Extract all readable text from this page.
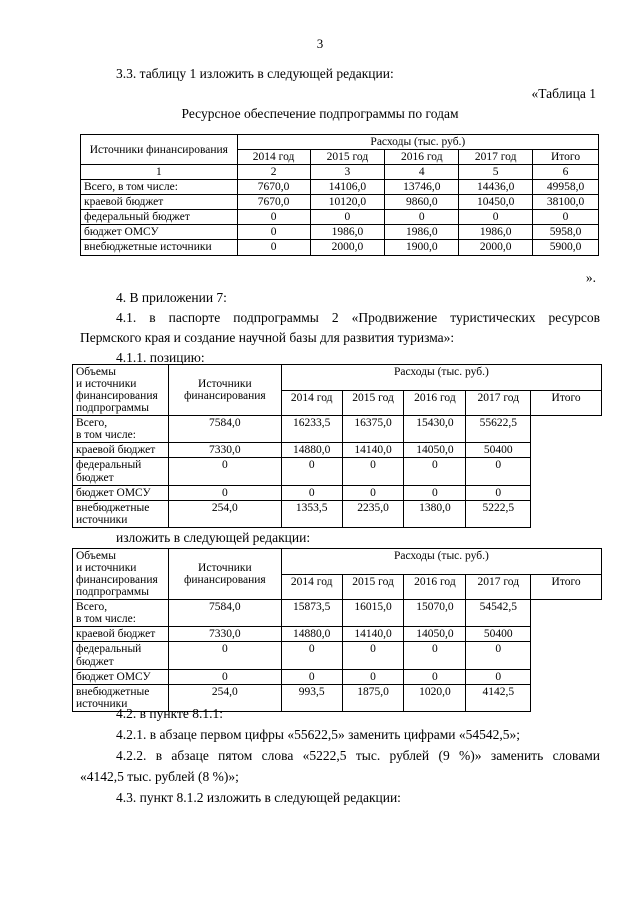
3
3.3. таблицу 1 изложить в следующей редакции:
«Таблица 1
Ресурсное обеспечение подпрограммы по годам
Источники финансирования	Расходы (тыс. руб.)				
	2014 год	2015 год	2016 год	2017 год	Итого
1	2	3	4	5	6
Всего, в том числе:	7670,0	14106,0	13746,0	14436,0	49958,0
краевой бюджет	7670,0	10120,0	9860,0	10450,0	38100,0
федеральный бюджет	0	0	0	0	0
бюджет ОМСУ	0	1986,0	1986,0	1986,0	5958,0
внебюджетные источники	0	2000,0	1900,0	2000,0	5900,0
».
4. В приложении 7:
4.1. в паспорте подпрограммы 2 «Продвижение туристических ресурсов
Пермского края и создание научной базы для развития туризма»:
4.1.1. позицию:
Объемы
и источники
финансирования
подпрограммы	Источники
финансирования	Расходы (тыс. руб.)				
		2014 год	2015 год	2016 год	2017 год	Итого
Всего,
в том числе:	7584,0	16233,5	16375,0	15430,0	55622,5	
краевой бюджет	7330,0	14880,0	14140,0	14050,0	50400	
федеральный
бюджет	0	0	0	0	0	
бюджет ОМСУ	0	0	0	0	0	
внебюджетные
источники	254,0	1353,5	2235,0	1380,0	5222,5	
изложить в следующей редакции:
Объемы
и источники
финансирования
подпрограммы	Источники
финансирования	Расходы (тыс. руб.)				
		2014 год	2015 год	2016 год	2017 год	Итого
Всего,
в том числе:	7584,0	15873,5	16015,0	15070,0	54542,5	
краевой бюджет	7330,0	14880,0	14140,0	14050,0	50400	
федеральный
бюджет	0	0	0	0	0	
бюджет ОМСУ	0	0	0	0	0	
внебюджетные
источники	254,0	993,5	1875,0	1020,0	4142,5	
4.2. в пункте 8.1.1:
4.2.1. в абзаце первом цифры «55622,5» заменить цифрами «54542,5»;
4.2.2. в абзаце пятом слова «5222,5 тыс. рублей (9 %)» заменить словами
«4142,5 тыс. рублей (8 %)»;
4.3. пункт 8.1.2 изложить в следующей редакции:
